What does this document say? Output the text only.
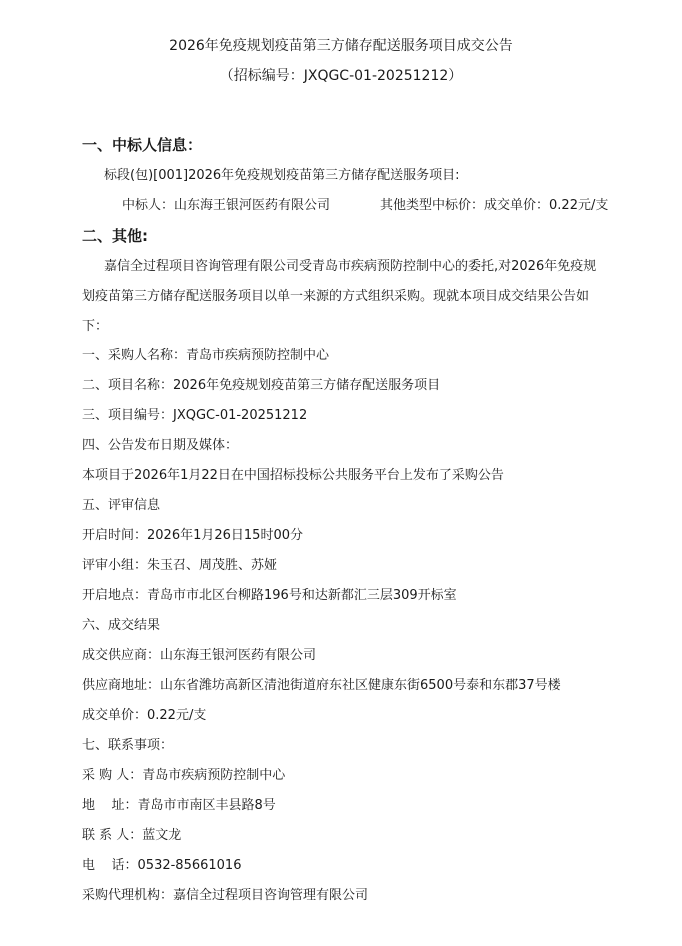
2026年免疫规划疫苗第三方储存配送服务项目成交公告
（招标编号：JXQGC-01-20251212）
一、中标人信息：
标段(包)[001]2026年免疫规划疫苗第三方储存配送服务项目:
中标人：山东海王银河医药有限公司	其他类型中标价：成交单价：0.22元/支
二、其他:
嘉信全过程项目咨询管理有限公司受青岛市疾病预防控制中心的委托,对2026年免疫规
划疫苗第三方储存配送服务项目以单一来源的方式组织采购。现就本项目成交结果公告如
下：
一、采购人名称：青岛市疾病预防控制中心
二、项目名称：2026年免疫规划疫苗第三方储存配送服务项目
三、项目编号：JXQGC-01-20251212
四、公告发布日期及媒体：
本项目于2026年1月22日在中国招标投标公共服务平台上发布了采购公告
五、评审信息
开启时间：2026年1月26日15时00分
评审小组：朱玉召、周茂胜、苏娅
开启地点：青岛市市北区台柳路196号和达新都汇三层309开标室
六、成交结果
成交供应商：山东海王银河医药有限公司
供应商地址：山东省潍坊高新区清池街道府东社区健康东街6500号泰和东郡37号楼
成交单价：0.22元/支
七、联系事项：
采 购 人：青岛市疾病预防控制中心
地    址：青岛市市南区丰县路8号
联 系 人：蓝文龙
电    话：0532-85661016
采购代理机构：嘉信全过程项目咨询管理有限公司
